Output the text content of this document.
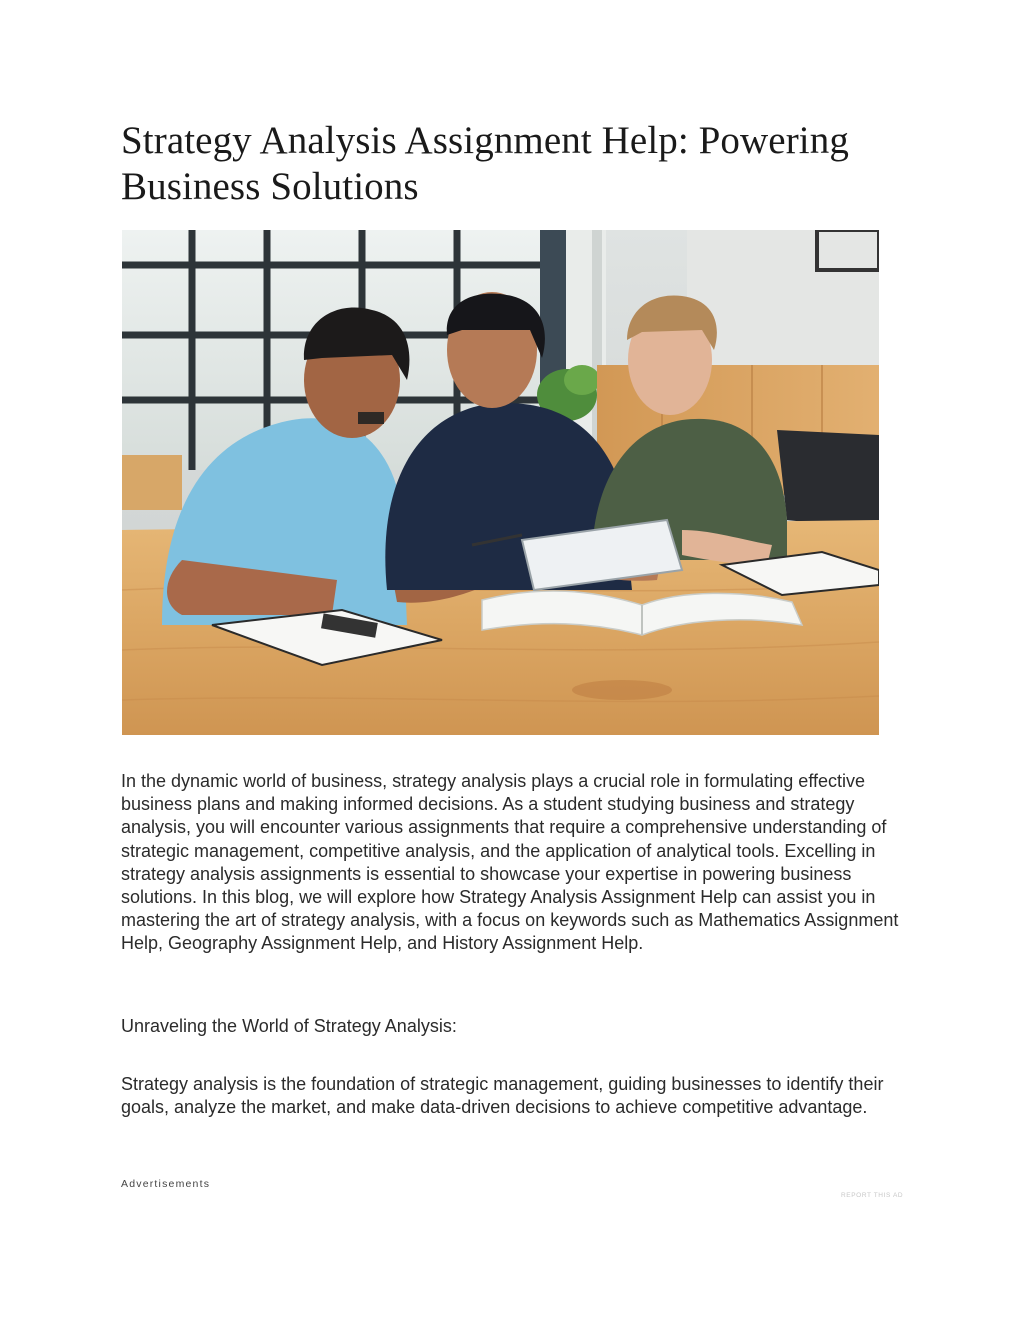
Strategy Analysis Assignment Help: Powering Business Solutions

In the dynamic world of business, strategy analysis plays a crucial role in formulating effective business plans and making informed decisions. As a student studying business and strategy analysis, you will encounter various assignments that require a comprehensive understanding of strategic management, competitive analysis, and the application of analytical tools. Excelling in strategy analysis assignments is essential to showcase your expertise in powering business solutions. In this blog, we will explore how Strategy Analysis Assignment Help can assist you in mastering the art of strategy analysis, with a focus on keywords such as Mathematics Assignment Help, Geography Assignment Help, and History Assignment Help.

Unraveling the World of Strategy Analysis:

Strategy analysis is the foundation of strategic management, guiding businesses to identify their goals, analyze the market, and make data-driven decisions to achieve competitive advantage.

Advertisements
REPORT THIS AD
